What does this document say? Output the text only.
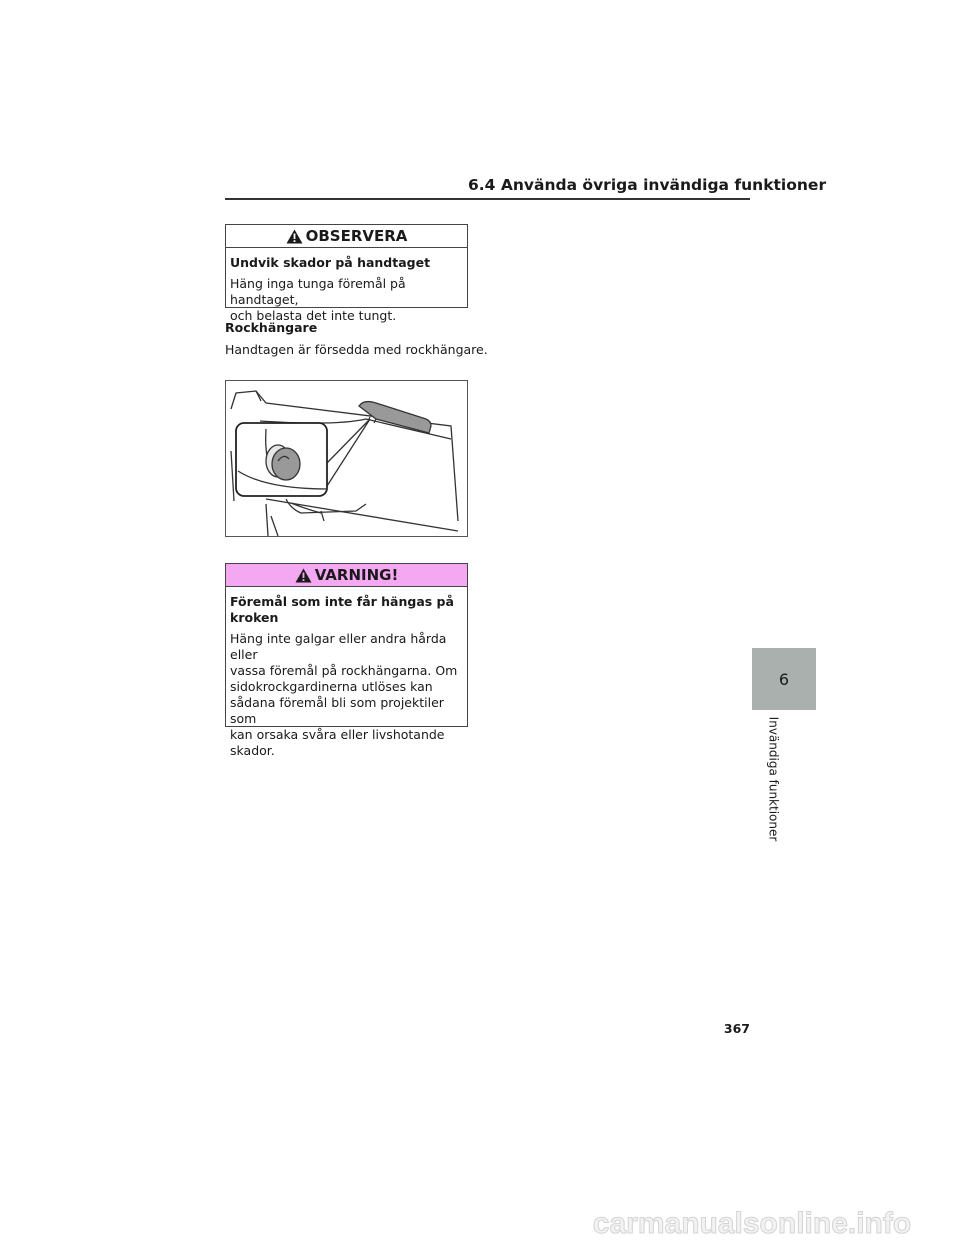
6.4 Använda övriga invändiga funktioner
OBSERVERA
Undvik skador på handtaget
Häng inga tunga föremål på handtaget,
och belasta det inte tungt.
Rockhängare
Handtagen är försedda med rockhängare.
VARNING!
Föremål som inte får hängas på
kroken
Häng inte galgar eller andra hårda eller
vassa föremål på rockhängarna. Om
sidokrockgardinerna utlöses kan
sådana föremål bli som projektiler som
kan orsaka svåra eller livshotande
skador.
6
Invändiga funktioner
367
carmanualsonline.info
